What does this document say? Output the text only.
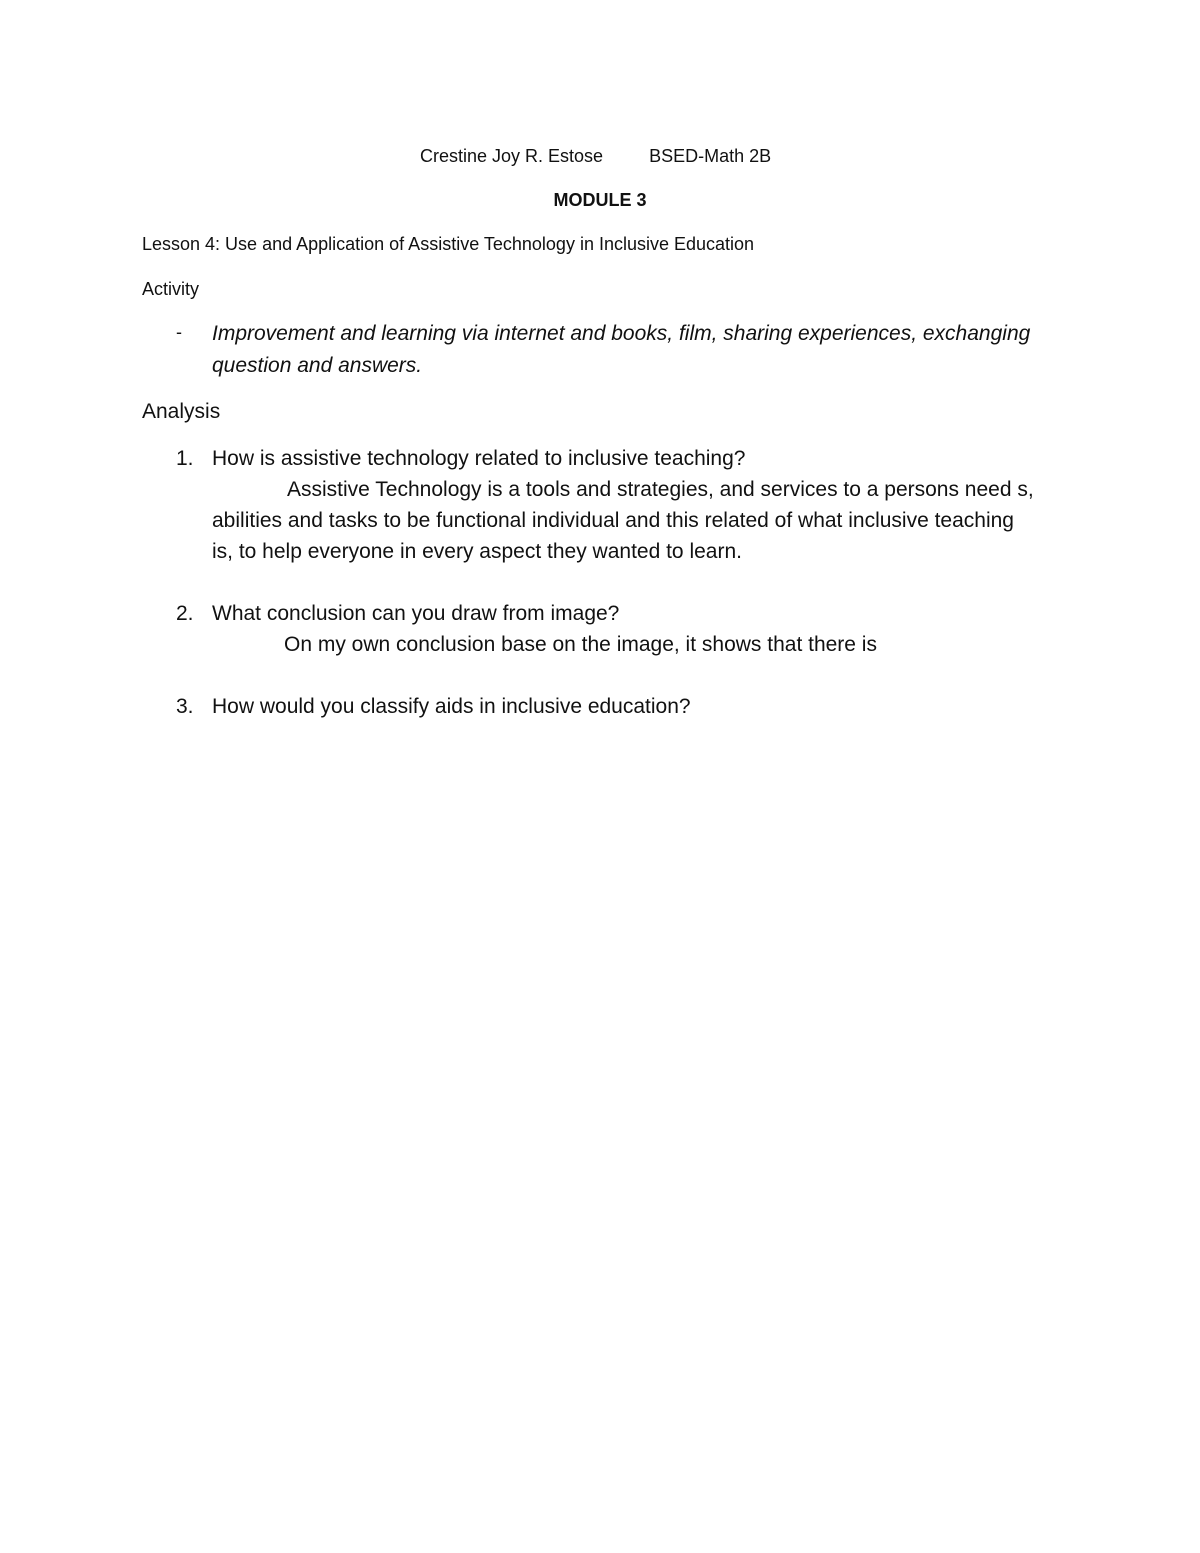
Crestine Joy R. Estose	BSED-Math 2B
MODULE 3
Lesson 4: Use and Application of Assistive Technology in Inclusive Education
Activity
- Improvement and learning via internet and books, film, sharing experiences, exchanging
question and answers.
Analysis
1. How is assistive technology related to inclusive teaching?
Assistive Technology is a tools and strategies, and services to a persons need s,
abilities and tasks to be functional individual and this related of what inclusive teaching
is, to help everyone in every aspect they wanted to learn.
2. What conclusion can you draw from image?
On my own conclusion base on the image, it shows that there is
3. How would you classify aids in inclusive education?
